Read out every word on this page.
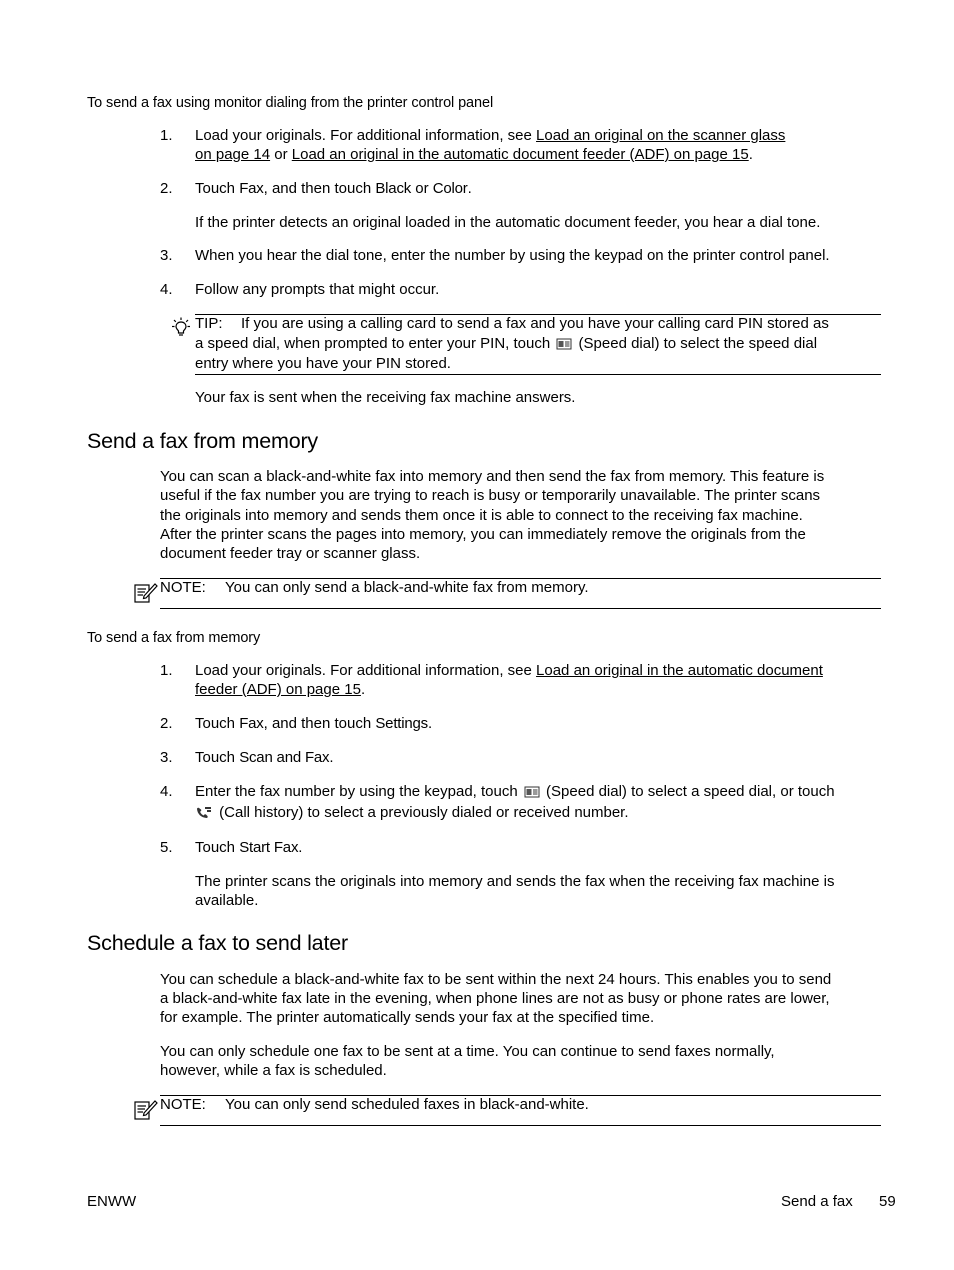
To send a fax using monitor dialing from the printer control panel
1.	Load your originals. For additional information, see Load an original on the scanner glass
on page 14 or Load an original in the automatic document feeder (ADF) on page 15.
2.	Touch Fax, and then touch Black or Color.
If the printer detects an original loaded in the automatic document feeder, you hear a dial tone.
3.	When you hear the dial tone, enter the number by using the keypad on the printer control panel.
4.	Follow any prompts that might occur.
TIP: If you are using a calling card to send a fax and you have your calling card PIN stored as
a speed dial, when prompted to enter your PIN, touch  (Speed dial) to select the speed dial
entry where you have your PIN stored.
Your fax is sent when the receiving fax machine answers.
Send a fax from memory
You can scan a black-and-white fax into memory and then send the fax from memory. This feature is
useful if the fax number you are trying to reach is busy or temporarily unavailable. The printer scans
the originals into memory and sends them once it is able to connect to the receiving fax machine.
After the printer scans the pages into memory, you can immediately remove the originals from the
document feeder tray or scanner glass.
NOTE: You can only send a black-and-white fax from memory.
To send a fax from memory
1.	Load your originals. For additional information, see Load an original in the automatic document
feeder (ADF) on page 15.
2.	Touch Fax, and then touch Settings.
3.	Touch Scan and Fax.
4.	Enter the fax number by using the keypad, touch  (Speed dial) to select a speed dial, or touch
(Call history) to select a previously dialed or received number.
5.	Touch Start Fax.
The printer scans the originals into memory and sends the fax when the receiving fax machine is
available.
Schedule a fax to send later
You can schedule a black-and-white fax to be sent within the next 24 hours. This enables you to send
a black-and-white fax late in the evening, when phone lines are not as busy or phone rates are lower,
for example. The printer automatically sends your fax at the specified time.
You can only schedule one fax to be sent at a time. You can continue to send faxes normally,
however, while a fax is scheduled.
NOTE: You can only send scheduled faxes in black-and-white.
ENWW	Send a fax 59
